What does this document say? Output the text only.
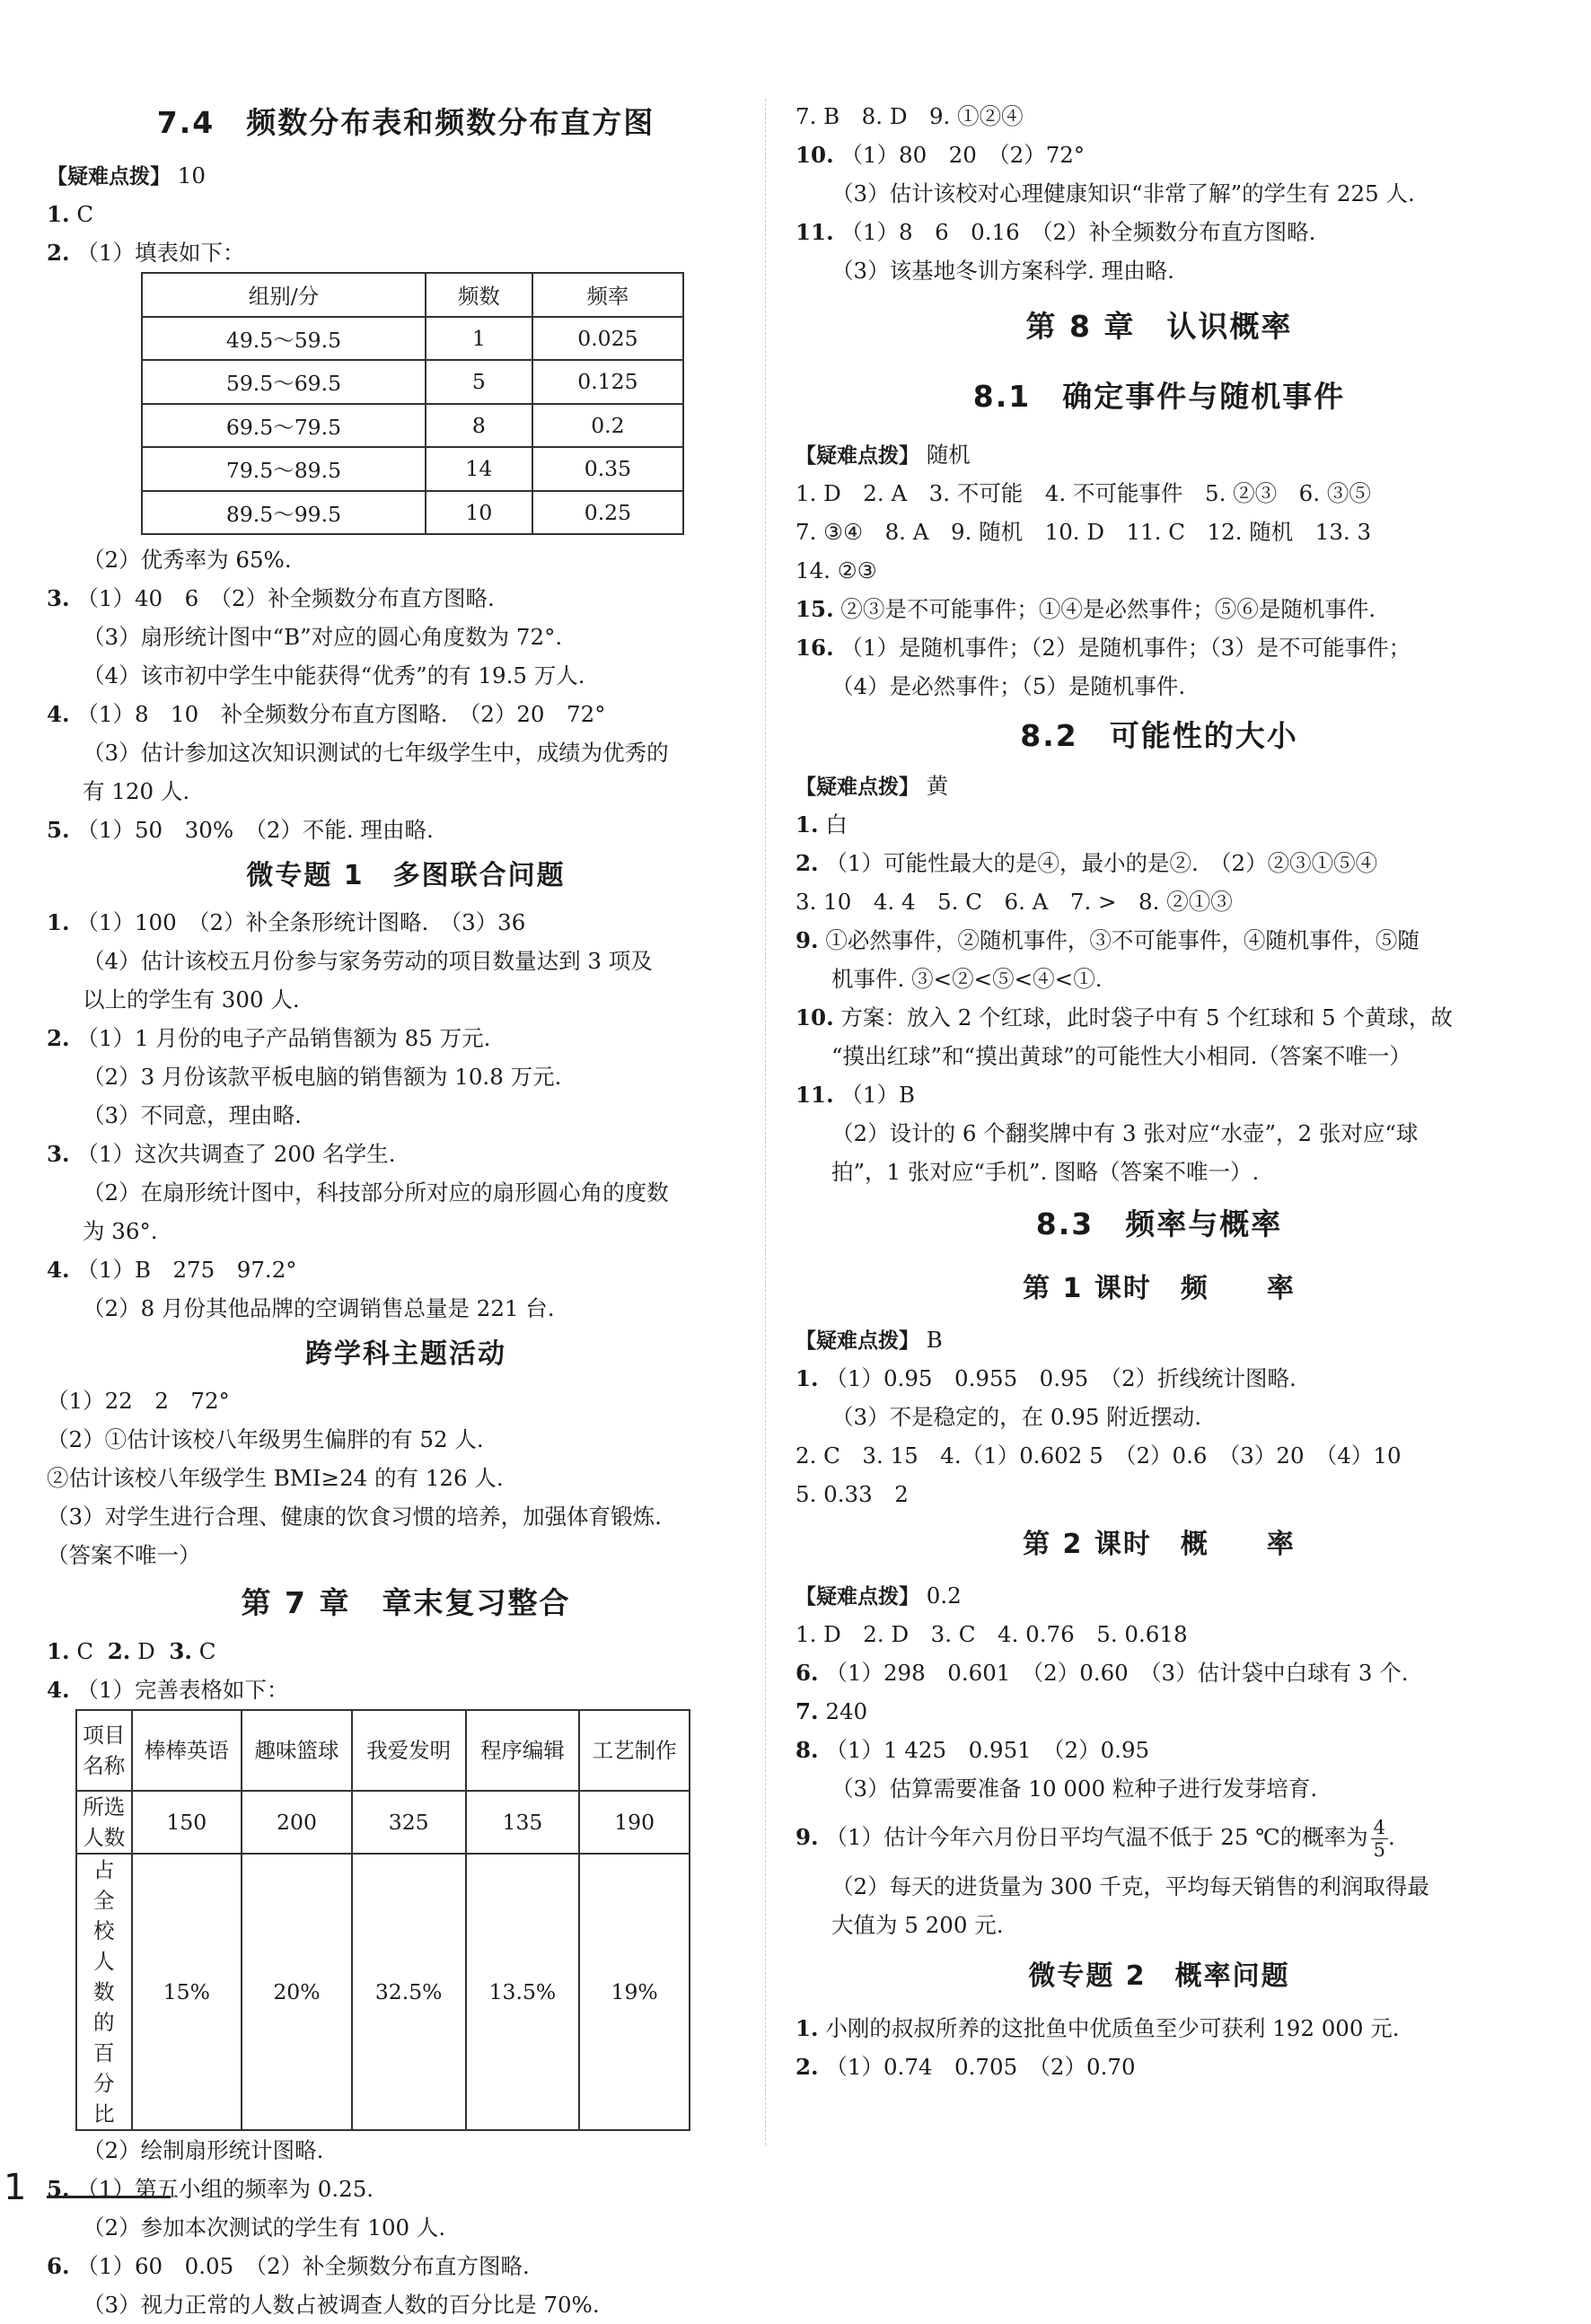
7.4　频数分布表和频数分布直方图
【疑难点拨】 10
1. C
2. （1）填表如下：
组别/分	频数	频率
49.5～59.5	1	0.025
59.5～69.5	5	0.125
69.5～79.5	8	0.2
79.5～89.5	14	0.35
89.5～99.5	10	0.25
（2）优秀率为 65%.
3. （1）40　6　（2）补全频数分布直方图略.
（3）扇形统计图中“B”对应的圆心角度数为 72°.
（4）该市初中学生中能获得“优秀”的有 19.5 万人.
4. （1）8　10　补全频数分布直方图略.　（2）20　72°
（3）估计参加这次知识测试的七年级学生中，成绩为优秀的
有 120 人.
5. （1）50　30%　（2）不能. 理由略.
微专题 1　多图联合问题
1. （1）100　（2）补全条形统计图略.　（3）36
（4）估计该校五月份参与家务劳动的项目数量达到 3 项及
以上的学生有 300 人.
2. （1）1 月份的电子产品销售额为 85 万元.
（2）3 月份该款平板电脑的销售额为 10.8 万元.
（3）不同意，理由略.
3. （1）这次共调查了 200 名学生.
（2）在扇形统计图中，科技部分所对应的扇形圆心角的度数
为 36°.
4. （1）B　275　97.2°
（2）8 月份其他品牌的空调销售总量是 221 台.
跨学科主题活动
（1）22　2　72°
（2）①估计该校八年级男生偏胖的有 52 人.
②估计该校八年级学生 BMI≥24 的有 126 人.
（3）对学生进行合理、健康的饮食习惯的培养，加强体育锻炼.
（答案不唯一）
第 7 章　章末复习整合
1. C 2. D 3. C
4. （1）完善表格如下：
项目名称	棒棒英语	趣味篮球	我爱发明	程序编辑	工艺制作
所选人数	150	200	325	135	190
占全校人数的百分比	15%	20%	32.5%	13.5%	19%
（2）绘制扇形统计图略.
5. （1）第五小组的频率为 0.25.
（2）参加本次测试的学生有 100 人.
6. （1）60　0.05　（2）补全频数分布直方图略.
（3）视力正常的人数占被调查人数的百分比是 70%.
7. B　8. D　9. ①②④
10. （1）80　20　（2）72°
（3）估计该校对心理健康知识“非常了解”的学生有 225 人.
11. （1）8　6　0.16　（2）补全频数分布直方图略.
（3）该基地冬训方案科学. 理由略.
第 8 章　认识概率
8.1　确定事件与随机事件
【疑难点拨】 随机
1. D　2. A　3. 不可能　4. 不可能事件　5. ②③　6. ③⑤
7. ③④　8. A　9. 随机　10. D　11. C　12. 随机　13. 3
14. ②③
15. ②③是不可能事件；①④是必然事件；⑤⑥是随机事件.
16. （1）是随机事件；（2）是随机事件；（3）是不可能事件；
（4）是必然事件；（5）是随机事件.
8.2　可能性的大小
【疑难点拨】 黄
1. 白
2. （1）可能性最大的是④，最小的是②.　（2）②③①⑤④
3. 10　4. 4　5. C　6. A　7. >　8. ②①③
9. ①必然事件，②随机事件，③不可能事件，④随机事件，⑤随
机事件. ③<②<⑤<④<①.
10. 方案：放入 2 个红球，此时袋子中有 5 个红球和 5 个黄球，故
“摸出红球”和“摸出黄球”的可能性大小相同.（答案不唯一）
11. （1）B
（2）设计的 6 个翻奖牌中有 3 张对应“水壶”，2 张对应“球
拍”，1 张对应“手机”. 图略（答案不唯一）.
8.3　频率与概率
第 1 课时　频　　率
【疑难点拨】 B
1. （1）0.95　0.955　0.95　（2）折线统计图略.
（3）不是稳定的，在 0.95 附近摆动.
2. C　3. 15　4.（1）0.602 5　（2）0.6　（3）20　（4）10
5. 0.33　2
第 2 课时　概　　率
【疑难点拨】 0.2
1. D　2. D　3. C　4. 0.76　5. 0.618
6. （1）298　0.601　（2）0.60　（3）估计袋中白球有 3 个.
7. 240
8. （1）1 425　0.951　（2）0.95
（3）估算需要准备 10 000 粒种子进行发芽培育.
9. （1）估计今年六月份日平均气温不低于 25 ℃的概率为 $\frac{4}{5}$ .
（2）每天的进货量为 300 千克，平均每天销售的利润取得最
大值为 5 200 元.
微专题 2　概率问题
1. 小刚的叔叔所养的这批鱼中优质鱼至少可获利 192 000 元.
2. （1）0.74　0.705　（2）0.70
1
